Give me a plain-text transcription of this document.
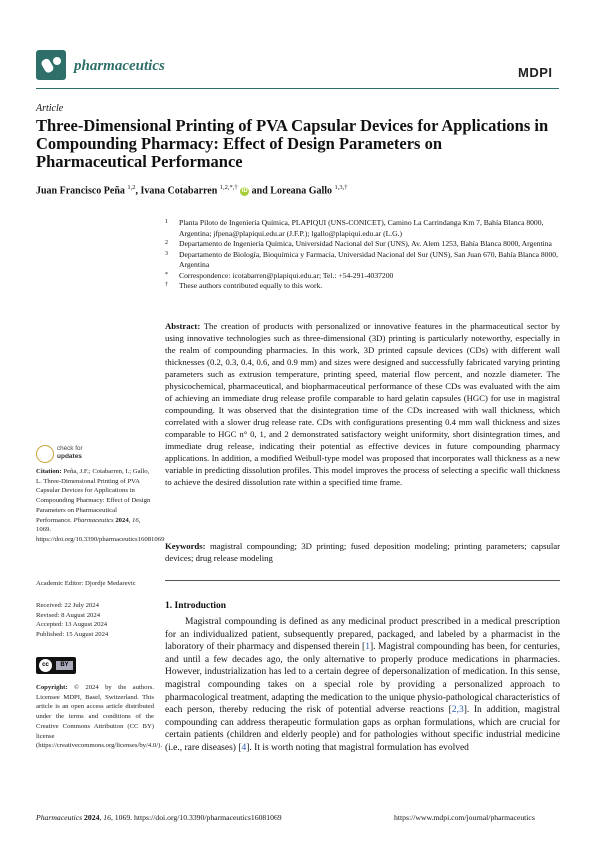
pharmaceutics	MDPI
Article
Three-Dimensional Printing of PVA Capsular Devices for Applications in Compounding Pharmacy: Effect of Design Parameters on Pharmaceutical Performance
Juan Francisco Peña $^{1,2}$, Ivana Cotabarren $^{1,2,*,\dagger}$ iD and Loreana Gallo $^{1,3,\dagger}$
1 Planta Piloto de Ingeniería Química, PLAPIQUI (UNS-CONICET), Camino La Carrindanga Km 7, Bahía Blanca 8000, Argentina; jfpena@plapiqui.edu.ar (J.F.P.); lgallo@plapiqui.edu.ar (L.G.)
2 Departamento de Ingeniería Química, Universidad Nacional del Sur (UNS), Av. Alem 1253, Bahía Blanca 8000, Argentina
3 Departamento de Biología, Bioquímica y Farmacia, Universidad Nacional del Sur (UNS), San Juan 670, Bahía Blanca 8000, Argentina
* Correspondence: icotabarren@plapiqui.edu.ar; Tel.: +54-291-4037200
† These authors contributed equally to this work.
Abstract: The creation of products with personalized or innovative features in the pharmaceutical sector by using innovative technologies such as three-dimensional (3D) printing is particularly noteworthy, especially in the realm of compounding pharmacies. In this work, 3D printed capsule devices (CDs) with different wall thicknesses (0.2, 0.3, 0.4, 0.6, and 0.9 mm) and sizes were designed and successfully fabricated varying printing parameters such as extrusion temperature, printing speed, material flow percent, and nozzle diameter. The physicochemical, pharmaceutical, and biopharmaceutical performance of these CDs was evaluated with the aim of achieving an immediate drug release profile comparable to hard gelatin capsules (HGC) for use in magistral compounding. It was observed that the disintegration time of the CDs increased with wall thickness, which correlated with a slower drug release rate. CDs with configurations presenting 0.4 mm wall thickness and sizes comparable to HGC n° 0, 1, and 2 demonstrated satisfactory weight uniformity, short disintegration times, and immediate drug release, indicating their potential as effective devices in future compounding pharmacy applications. In addition, a modified Weibull-type model was proposed that incorporates wall thickness as a new variable in predicting dissolution profiles. This model improves the process of selecting a specific wall thickness to achieve the desired dissolution rate within a specified time frame.
Keywords: magistral compounding; 3D printing; fused deposition modeling; printing parameters; capsular devices; drug release modeling
1. Introduction
Magistral compounding is defined as any medicinal product prescribed in a medical prescription for an individualized patient, subsequently prepared, packaged, and labeled by a pharmacist in the laboratory of their pharmacy and dispensed therein [1]. Magistral compounding has been, for centuries, and until a few decades ago, the only alternative to properly produce medications in pharmacies. However, industrialization has led to a certain degree of depersonalization of medication. In this sense, magistral compounding takes on a special role by providing a personalized approach to pharmacological treatment, adapting the medication to the unique physio-pathological characteristics of each person, thereby reducing the risk of potential adverse reactions [2,3]. In addition, magistral compounding can address therapeutic formulation gaps as orphan formulations, which are crucial for certain patients (children and elderly people) and for pathologies without specific industrial medicine (i.e., rare diseases) [4]. It is worth noting that magistral formulation has evolved
check for
updates
Citation: Peña, J.F.; Cotabarren, I.; Gallo, L. Three-Dimensional Printing of PVA Capsular Devices for Applications in Compounding Pharmacy: Effect of Design Parameters on Pharmaceutical Performance. Pharmaceutics 2024, 16, 1069. https://doi.org/10.3390/pharmaceutics16081069
Academic Editor: Djordje Medarevic
Received: 22 July 2024
Revised: 8 August 2024
Accepted: 13 August 2024
Published: 15 August 2024
cc	BY
Copyright: © 2024 by the authors. Licensee MDPI, Basel, Switzerland. This article is an open access article distributed under the terms and conditions of the Creative Commons Attribution (CC BY) license (https://creativecommons.org/licenses/by/4.0/).
Pharmaceutics 2024, 16, 1069. https://doi.org/10.3390/pharmaceutics16081069	https://www.mdpi.com/journal/pharmaceutics
